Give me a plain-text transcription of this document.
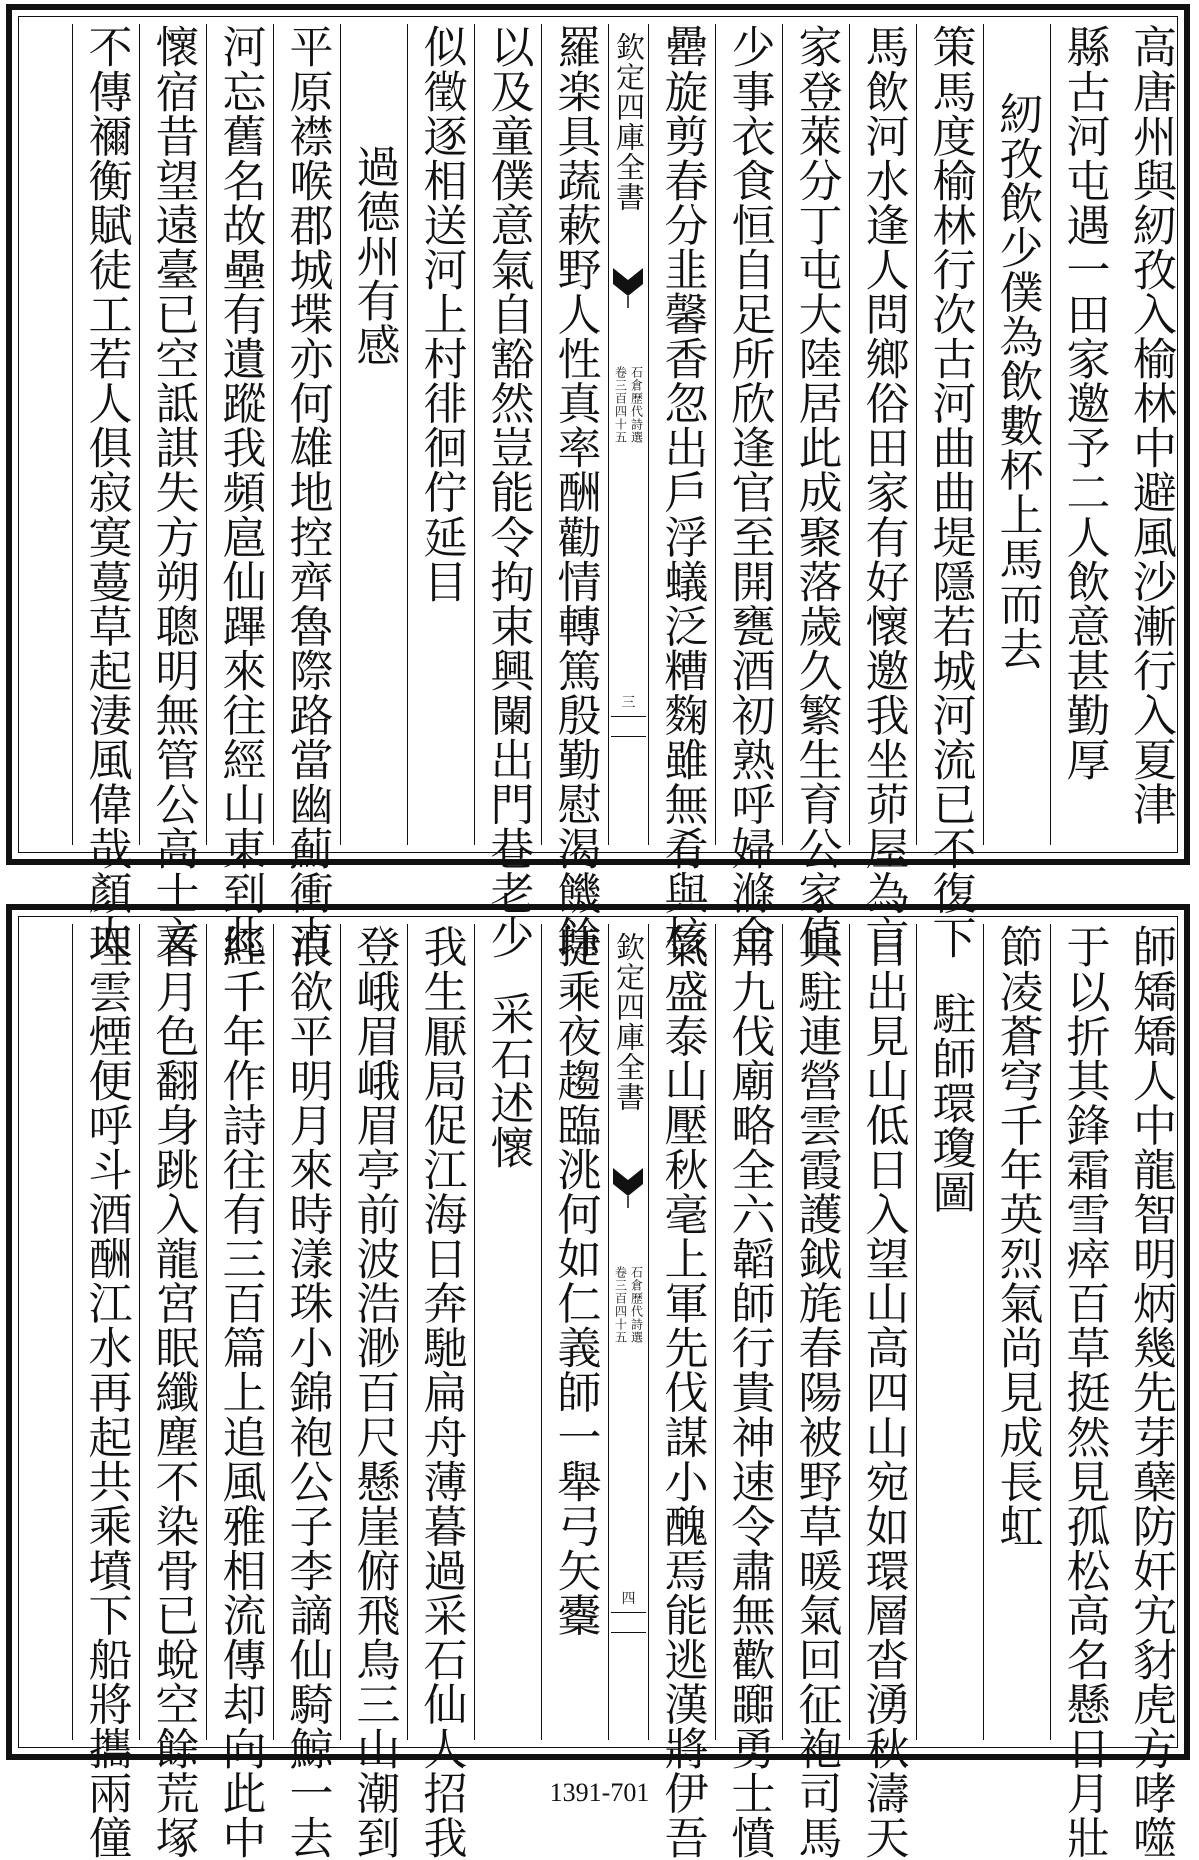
高唐州與紉孜入榆林中避風沙漸行入夏津
縣古河屯遇一田家邀予二人飲意甚勤厚
紉孜飲少僕為飲數杯上馬而去
策馬度榆林行次古河曲曲堤隱若城河流已不復下
馬飲河水逢人問鄉俗田家有好懷邀我坐茆屋為言
家登萊分丁屯大陸居此成聚落歲久繁生育公家值
少事衣食恒自足所欣逢官至開甕酒初熟呼婦滌金
罍旋剪春分韭馨香忽出戶浮蟻泛糟麴雖無肴與核
欽定四庫全書
石倉歷代詩選
卷三百四十五
三
羅楽具蔬蔌野人性真率酬勸情轉篤殷勤慰渴饑餘
以及童僕意氣自豁然豈能令拘束興闌出門巷老少
似徵逐相送河上村徘徊佇延目
過德州有感
平原襟喉郡城堞亦何雄地控齊魯際路當幽薊衝古
河忘舊名故壘有遺蹤我頻扈仙蹕來往經山東到此
懷宿昔望遠臺已空詆諆失方朔聰明無管公高士文
不傳禰衡賦徒工若人俱寂寞蔓草起淒風偉哉顏太
師矯矯人中龍智明炳幾先芽蘖防奸宄豺虎方哮噬
于以折其鋒霜雪瘁百草挺然見孤松高名懸日月壯
節凌蒼穹千年英烈氣尚見成長虹
駐師環瓊圖
日出見山低日入望山高四山宛如環層沓湧秋濤天
兵駐連營雲霞護鉞旄春陽被野草暖氣回征袍司馬
用九伐廟略全六韜師行貴神速令肅無歡嚻勇士憤
氣盛泰山壓秋毫上軍先伐謀小醜焉能逃漢將伊吾
欽定四庫全書
石倉歷代詩選
卷三百四十五
四
捷乘夜趨臨洮何如仁義師一舉弓矢櫜
采石述懷
我生厭局促江海日奔馳扁舟薄暮過采石仙人招我
登峨眉峨眉亭前波浩渺百尺懸崖俯飛鳥三山潮到
浪欲平明月來時漾珠小錦袍公子李謫仙騎鯨一去
經千年作詩往有三百篇上追風雅相流傳却向此中
看月色翻身跳入龍宮眠纖塵不染骨已蛻空餘荒塚
埋雲煙便呼斗酒酬江水再起共乘墳下船將攜兩僮	1391-701
